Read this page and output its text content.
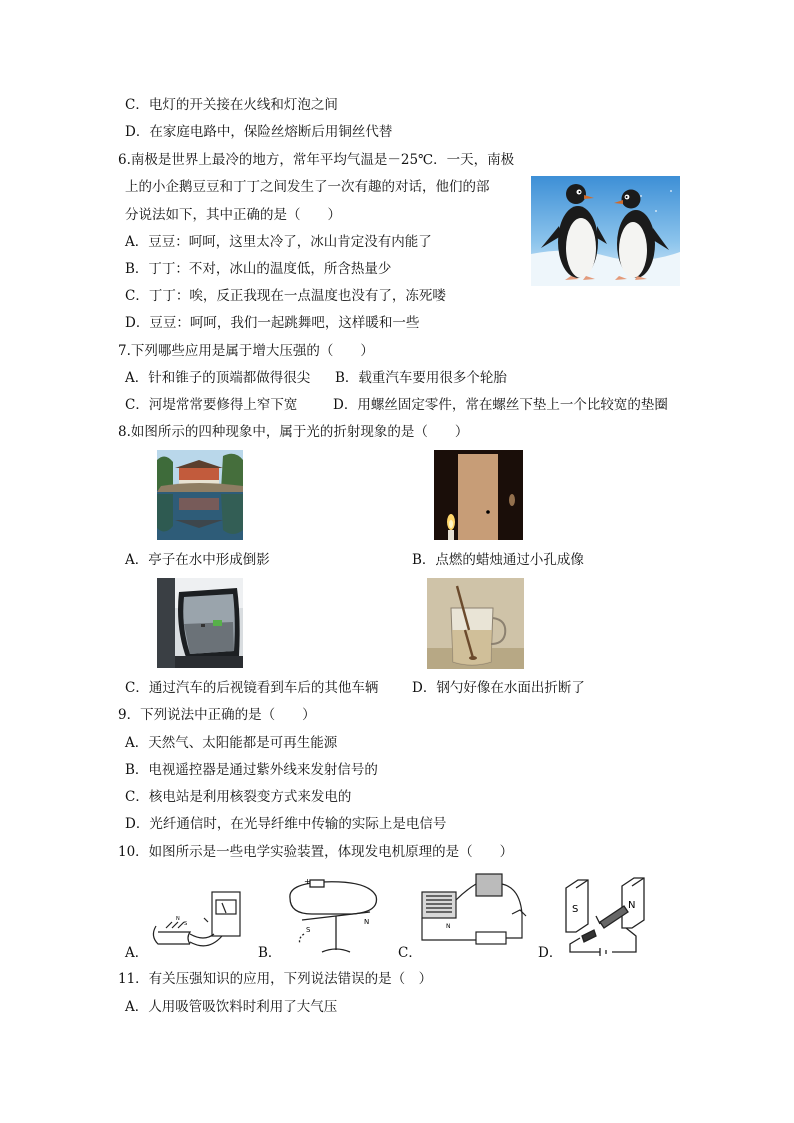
C．电灯的开关接在火线和灯泡之间
D．在家庭电路中，保险丝熔断后用铜丝代替
6.南极是世界上最冷的地方，常年平均气温是－25℃．一天，南极
上的小企鹅豆豆和丁丁之间发生了一次有趣的对话，他们的部
分说法如下，其中正确的是（　　）
A．豆豆：呵呵，这里太冷了，冰山肯定没有内能了
B．丁丁：不对，冰山的温度低，所含热量少
C．丁丁：唉，反正我现在一点温度也没有了，冻死喽
D．豆豆：呵呵，我们一起跳舞吧，这样暖和一些
7.下列哪些应用是属于增大压强的（　　）
A．针和锥子的顶端都做得很尖 B．载重汽车要用很多个轮胎
C．河堤常常要修得上窄下宽	D．用螺丝固定零件，常在螺丝下垫上一个比较宽的垫圈
8.如图所示的四种现象中，属于光的折射现象的是（　　）
A．亭子在水中形成倒影	B．点燃的蜡烛通过小孔成像
C．通过汽车的后视镜看到车后的其他车辆 D．钢勺好像在水面出折断了
9．下列说法中正确的是（　　）
A．天然气、太阳能都是可再生能源
B．电视遥控器是通过紫外线来发射信号的
C．核电站是利用核裂变方式来发电的
D．光纤通信时，在光导纤维中传输的实际上是电信号
10．如图所示是一些电学实验装置，体现发电机原理的是（　　）
N
S
+
S
N
N
S	N
A．	B．	C．	D．
11．有关压强知识的应用，下列说法错误的是（　）
A．人用吸管吸饮料时利用了大气压
